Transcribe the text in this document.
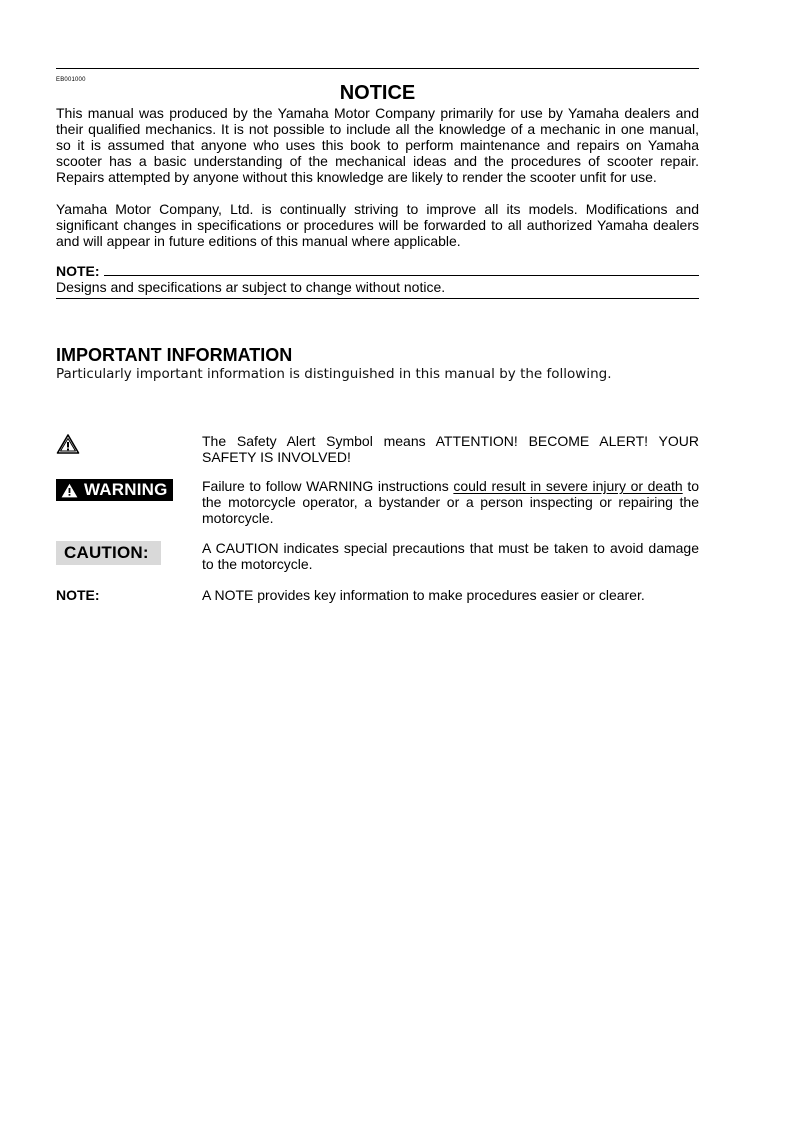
EB001000
NOTICE

This manual was produced by the Yamaha Motor Company primarily for use by Yamaha dealers and their qualified mechanics. It is not possible to include all the knowledge of a mechanic in one manual, so it is assumed that anyone who uses this book to perform maintenance and repairs on Yamaha scooter has a basic understanding of the mechanical ideas and the procedures of scooter repair. Repairs attempted by anyone without this knowledge are likely to render the scooter unfit for use.

Yamaha Motor Company, Ltd. is continually striving to improve all its models. Modifications and significant changes in specifications or procedures will be forwarded to all authorized Yamaha dealers and will appear in future editions of this manual where applicable.

NOTE:
Designs and specifications ar subject to change without notice.
IMPORTANT INFORMATION
Particularly important information is distinguished in this manual by the following.
The Safety Alert Symbol means ATTENTION! BECOME ALERT! YOUR SAFETY IS INVOLVED!
WARNING Failure to follow WARNING instructions could result in severe injury or death to the motorcycle operator, a bystander or a person inspecting or repairing the motorcycle.
CAUTION:	A CAUTION indicates special precautions that must be taken to avoid damage to the motorcycle.
NOTE:	A NOTE provides key information to make procedures easier or clearer.
